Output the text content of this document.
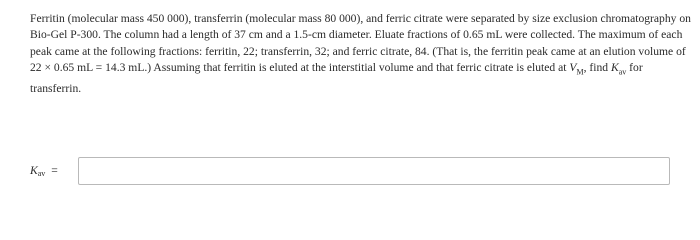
Ferritin (molecular mass 450 000), transferrin (molecular mass 80 000), and ferric citrate were separated by size exclusion chromatography on Bio-Gel P-300. The column had a length of 37 cm and a 1.5-cm diameter. Eluate fractions of 0.65 mL were collected. The maximum of each peak came at the following fractions: ferritin, 22; transferrin, 32; and ferric citrate, 84. (That is, the ferritin peak came at an elution volume of 22 × 0.65 mL = 14.3 mL.) Assuming that ferritin is eluted at the interstitial volume and that ferric citrate is eluted at $V_M$, find $K_{av}$ for transferrin.
$K_{av}$ =
